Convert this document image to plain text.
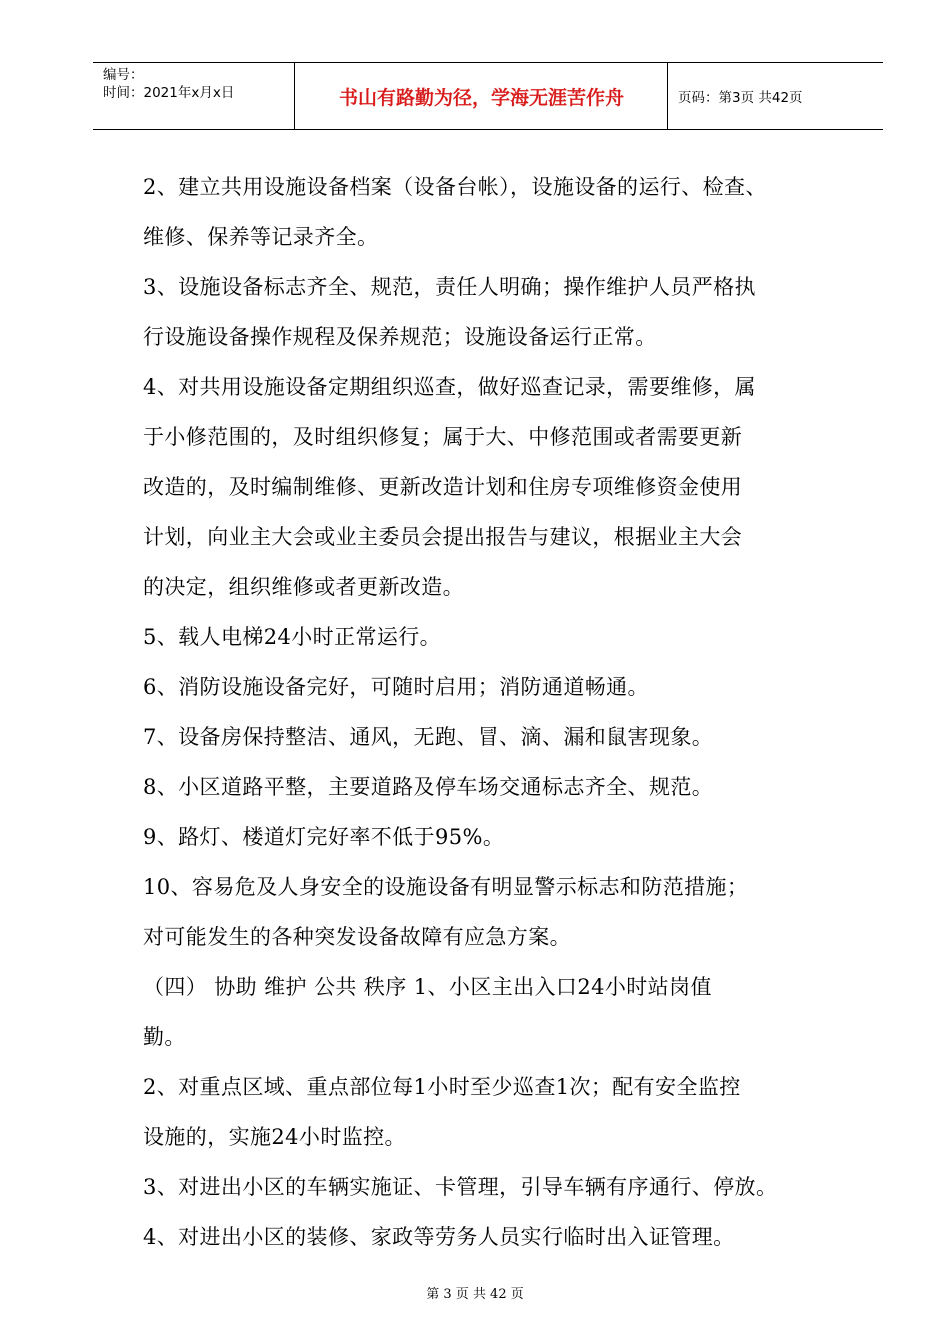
编号：
时间：2021年x月x日	书山有路勤为径，学海无涯苦作舟	页码：第3页 共42页

2、建立共用设施设备档案（设备台帐），设施设备的运行、检查、

维修、保养等记录齐全。

3、设施设备标志齐全、规范，责任人明确；操作维护人员严格执

行设施设备操作规程及保养规范；设施设备运行正常。

4、对共用设施设备定期组织巡查，做好巡查记录，需要维修，属

于小修范围的，及时组织修复；属于大、中修范围或者需要更新

改造的，及时编制维修、更新改造计划和住房专项维修资金使用

计划，向业主大会或业主委员会提出报告与建议，根据业主大会

的决定，组织维修或者更新改造。

5、载人电梯24小时正常运行。

6、消防设施设备完好，可随时启用；消防通道畅通。

7、设备房保持整洁、通风，无跑、冒、滴、漏和鼠害现象。

8、小区道路平整，主要道路及停车场交通标志齐全、规范。

9、路灯、楼道灯完好率不低于95%。

10、容易危及人身安全的设施设备有明显警示标志和防范措施；

对可能发生的各种突发设备故障有应急方案。

（四） 协助 维护 公共 秩序 1、小区主出入口24小时站岗值

勤。

2、对重点区域、重点部位每1小时至少巡查1次；配有安全监控

设施的，实施24小时监控。

3、对进出小区的车辆实施证、卡管理，引导车辆有序通行、停放。

4、对进出小区的装修、家政等劳务人员实行临时出入证管理。

第 3 页 共 42 页
